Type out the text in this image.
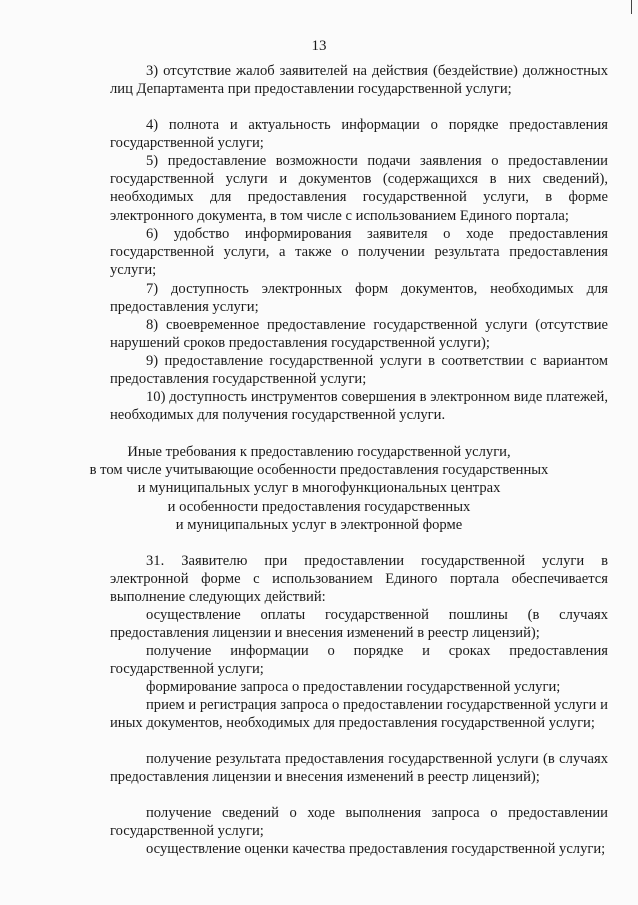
13
3) отсутствие жалоб заявителей на действия (бездействие) должностных лиц Департамента при предоставлении государственной услуги;
4) полнота и актуальность информации о порядке предоставления государственной услуги;
5) предоставление возможности подачи заявления о предоставлении государственной услуги и документов (содержащихся в них сведений), необходимых для предоставления государственной услуги, в форме электронного документа, в том числе с использованием Единого портала;
6) удобство информирования заявителя о ходе предоставления государственной услуги, а также о получении результата предоставления услуги;
7) доступность электронных форм документов, необходимых для предоставления услуги;
8) своевременное предоставление государственной услуги (отсутствие нарушений сроков предоставления государственной услуги);
9) предоставление государственной услуги в соответствии с вариантом предоставления государственной услуги;
10) доступность инструментов совершения в электронном виде платежей, необходимых для получения государственной услуги.
Иные требования к предоставлению государственной услуги,
в том числе учитывающие особенности предоставления государственных
и муниципальных услуг в многофункциональных центрах
и особенности предоставления государственных
и муниципальных услуг в электронной форме
31. Заявителю при предоставлении государственной услуги в электронной форме с использованием Единого портала обеспечивается выполнение следующих действий:
осуществление оплаты государственной пошлины (в случаях предоставления лицензии и внесения изменений в реестр лицензий);
получение информации о порядке и сроках предоставления государственной услуги;
формирование запроса о предоставлении государственной услуги;
прием и регистрация запроса о предоставлении государственной услуги и иных документов, необходимых для предоставления государственной услуги;
получение результата предоставления государственной услуги (в случаях предоставления лицензии и внесения изменений в реестр лицензий);
получение сведений о ходе выполнения запроса о предоставлении государственной услуги;
осуществление оценки качества предоставления государственной услуги;
